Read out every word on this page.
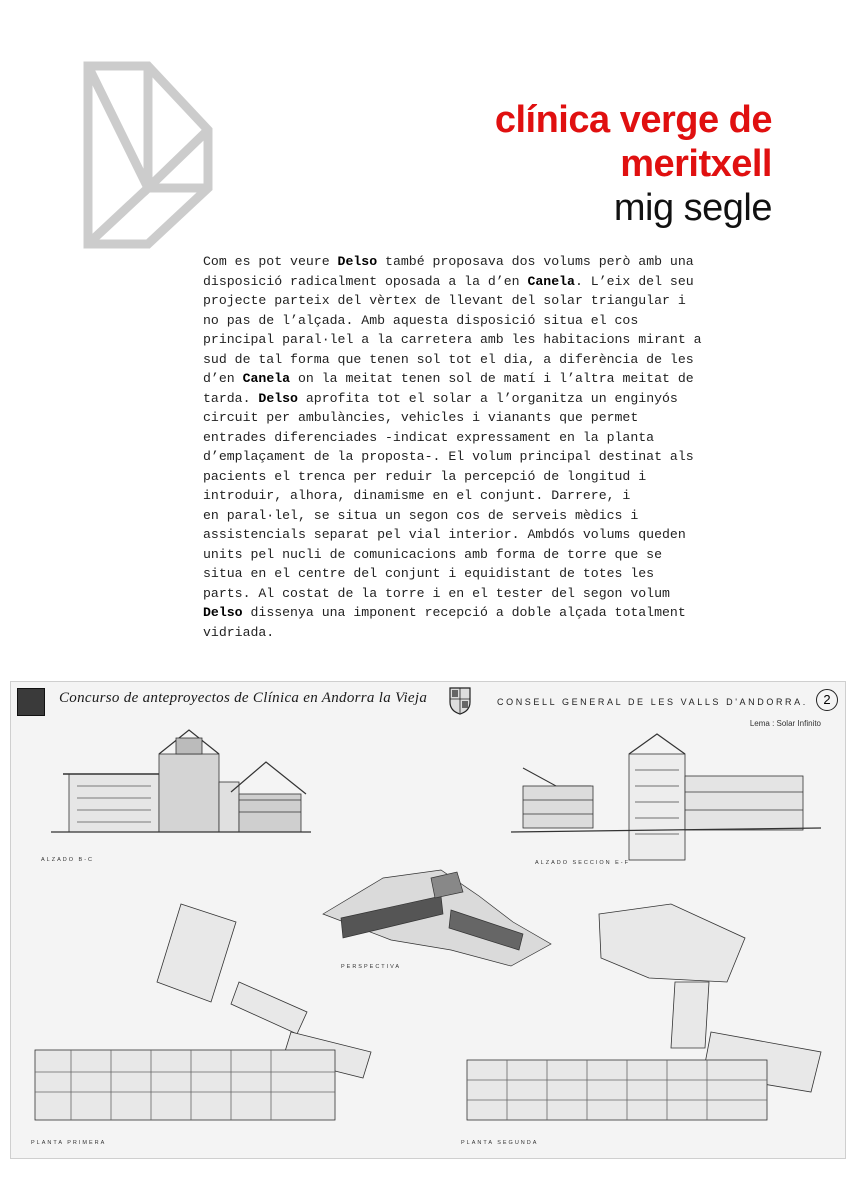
clínica verge de
meritxell
mig segle
Com es pot veure Delso també proposava dos volums però amb una
disposició radicalment oposada a la d’en Canela. L’eix del seu
projecte parteix del vèrtex de llevant del solar triangular i
no pas de l’alçada. Amb aquesta disposició situa el cos
principal paral·lel a la carretera amb les habitacions mirant a
sud de tal forma que tenen sol tot el dia, a diferència de les
d’en Canela on la meitat tenen sol de matí i l’altra meitat de
tarda. Delso aprofita tot el solar a l’organitza un enginyós
circuit per ambulàncies, vehicles i vianants que permet
entrades diferenciades -indicat expressament en la planta
d’emplaçament de la proposta-. El volum principal destinat als
pacients el trenca per reduir la percepció de longitud i
introduir, alhora, dinamisme en el conjunt. Darrere, i
en paral·lel, se situa un segon cos de serveis mèdics i
assistencials separat pel vial interior. Ambdós volums queden
units pel nucli de comunicacions amb forma de torre que se
situa en el centre del conjunt i equidistant de totes les
parts. Al costat de la torre i en el tester del segon volum
Delso dissenya una imponent recepció a doble alçada totalment
vidriada.
Concurso de anteproyectos de Clínica en Andorra la Vieja	CONSELL GENERAL DE LES VALLS D'ANDORRA.	2
Lema : Solar Infinito
ALZADO B-C	ALZADO SECCION E-F
PERSPECTIVA
PLANTA PRIMERA	PLANTA SEGUNDA
